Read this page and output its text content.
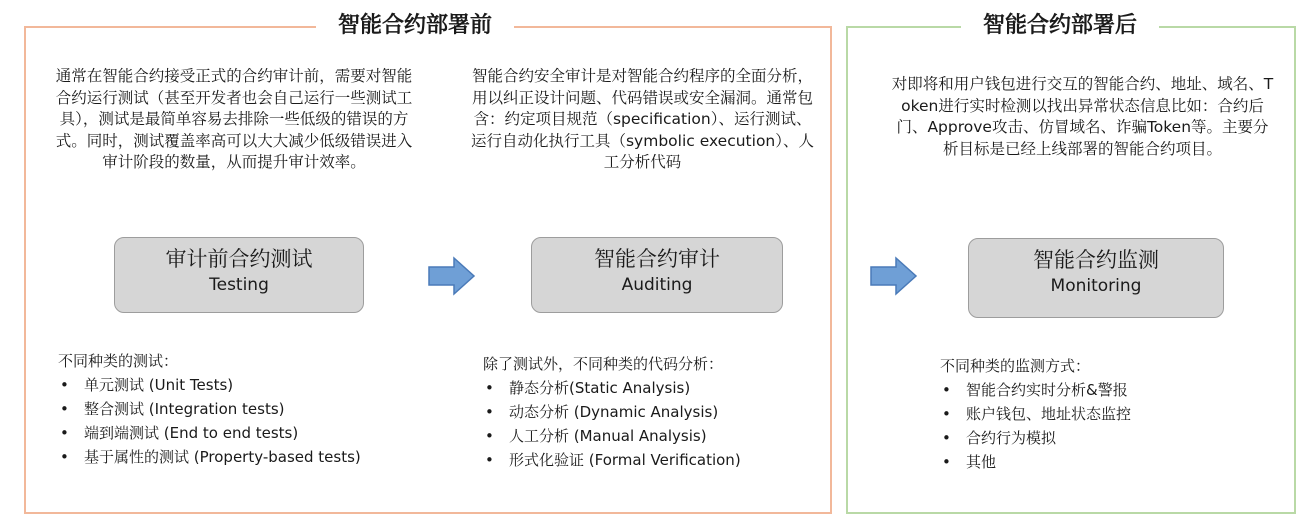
智能合约部署前	智能合约部署后
通常在智能合约接受正式的合约审计前，需要对智能合约运行测试（甚至开发者也会自己运行一些测试工具），测试是最简单容易去排除一些低级的错误的方式。同时，测试覆盖率高可以大大减少低级错误进入审计阶段的数量，从而提升审计效率。
审计前合约测试
Testing
不同种类的测试：
• 单元测试 (Unit Tests)
• 整合测试 (Integration tests)
• 端到端测试 (End to end tests)
• 基于属性的测试 (Property-based tests)
智能合约安全审计是对智能合约程序的全面分析，用以纠正设计问题、代码错误或安全漏洞。通常包含：约定项目规范（specification）、运行测试、运行自动化执行工具（symbolic execution）、人工分析代码
智能合约审计
Auditing
除了测试外，不同种类的代码分析：
• 静态分析(Static Analysis)
• 动态分析 (Dynamic Analysis)
• 人工分析 (Manual Analysis)
• 形式化验证 (Formal Verification)
对即将和用户钱包进行交互的智能合约、地址、域名、Token进行实时检测以找出异常状态信息比如：合约后门、Approve攻击、仿冒域名、诈骗Token等。主要分析目标是已经上线部署的智能合约项目。
智能合约监测
Monitoring
不同种类的监测方式：
• 智能合约实时分析&警报
• 账户钱包、地址状态监控
• 合约行为模拟
• 其他
